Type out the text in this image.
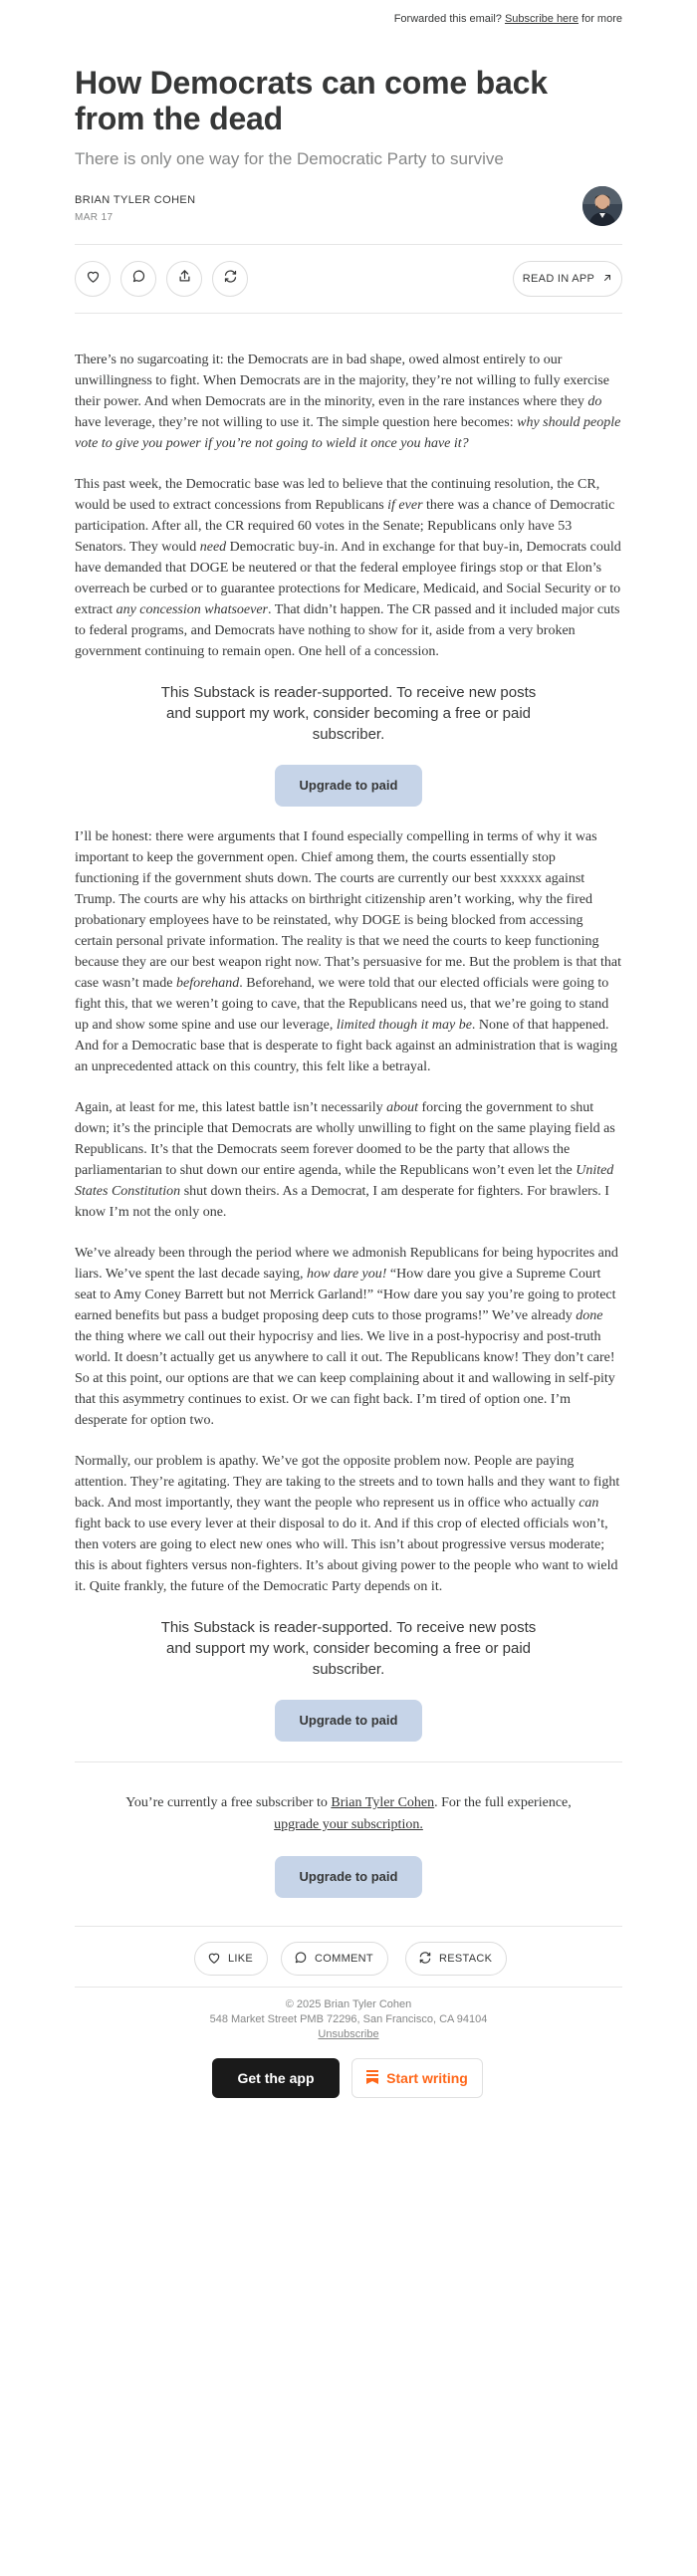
Forwarded this email? Subscribe here for more
How Democrats can come back from the dead
There is only one way for the Democratic Party to survive
BRIAN TYLER COHEN
MAR 17
READ IN APP

There’s no sugarcoating it: the Democrats are in bad shape, owed almost entirely to our unwillingness to fight. When Democrats are in the majority, they’re not willing to fully exercise their power. And when Democrats are in the minority, even in the rare instances where they do have leverage, they’re not willing to use it. The simple question here becomes: why should people vote to give you power if you’re not going to wield it once you have it?

This past week, the Democratic base was led to believe that the continuing resolution, the CR, would be used to extract concessions from Republicans if ever there was a chance of Democratic participation. After all, the CR required 60 votes in the Senate; Republicans only have 53 Senators. They would need Democratic buy-in. And in exchange for that buy-in, Democrats could have demanded that DOGE be neutered or that the federal employee firings stop or that Elon’s overreach be curbed or to guarantee protections for Medicare, Medicaid, and Social Security or to extract any concession whatsoever. That didn’t happen. The CR passed and it included major cuts to federal programs, and Democrats have nothing to show for it, aside from a very broken government continuing to remain open. One hell of a concession.

This Substack is reader-supported. To receive new posts and support my work, consider becoming a free or paid subscriber.
Upgrade to paid

I’ll be honest: there were arguments that I found especially compelling in terms of why it was important to keep the government open. Chief among them, the courts essentially stop functioning if the government shuts down. The courts are currently our best xxxxxx against Trump. The courts are why his attacks on birthright citizenship aren’t working, why the fired probationary employees have to be reinstated, why DOGE is being blocked from accessing certain personal private information. The reality is that we need the courts to keep functioning because they are our best weapon right now. That’s persuasive for me. But the problem is that that case wasn’t made beforehand. Beforehand, we were told that our elected officials were going to fight this, that we weren’t going to cave, that the Republicans need us, that we’re going to stand up and show some spine and use our leverage, limited though it may be. None of that happened. And for a Democratic base that is desperate to fight back against an administration that is waging an unprecedented attack on this country, this felt like a betrayal.

Again, at least for me, this latest battle isn’t necessarily about forcing the government to shut down; it’s the principle that Democrats are wholly unwilling to fight on the same playing field as Republicans. It’s that the Democrats seem forever doomed to be the party that allows the parliamentarian to shut down our entire agenda, while the Republicans won’t even let the United States Constitution shut down theirs. As a Democrat, I am desperate for fighters. For brawlers. I know I’m not the only one.

We’ve already been through the period where we admonish Republicans for being hypocrites and liars. We’ve spent the last decade saying, how dare you! “How dare you give a Supreme Court seat to Amy Coney Barrett but not Merrick Garland!” “How dare you say you’re going to protect earned benefits but pass a budget proposing deep cuts to those programs!” We’ve already done the thing where we call out their hypocrisy and lies. We live in a post-hypocrisy and post-truth world. It doesn’t actually get us anywhere to call it out. The Republicans know! They don’t care! So at this point, our options are that we can keep complaining about it and wallowing in self-pity that this asymmetry continues to exist. Or we can fight back. I’m tired of option one. I’m desperate for option two.

Normally, our problem is apathy. We’ve got the opposite problem now. People are paying attention. They’re agitating. They are taking to the streets and to town halls and they want to fight back. And most importantly, they want the people who represent us in office who actually can fight back to use every lever at their disposal to do it. And if this crop of elected officials won’t, then voters are going to elect new ones who will. This isn’t about progressive versus moderate; this is about fighters versus non-fighters. It’s about giving power to the people who want to wield it. Quite frankly, the future of the Democratic Party depends on it.

This Substack is reader-supported. To receive new posts and support my work, consider becoming a free or paid subscriber.
Upgrade to paid
You’re currently a free subscriber to Brian Tyler Cohen. For the full experience, upgrade your subscription.
Upgrade to paid
LIKE	COMMENT	RESTACK
© 2025 Brian Tyler Cohen
548 Market Street PMB 72296, San Francisco, CA 94104
Unsubscribe
Get the app	Start writing
